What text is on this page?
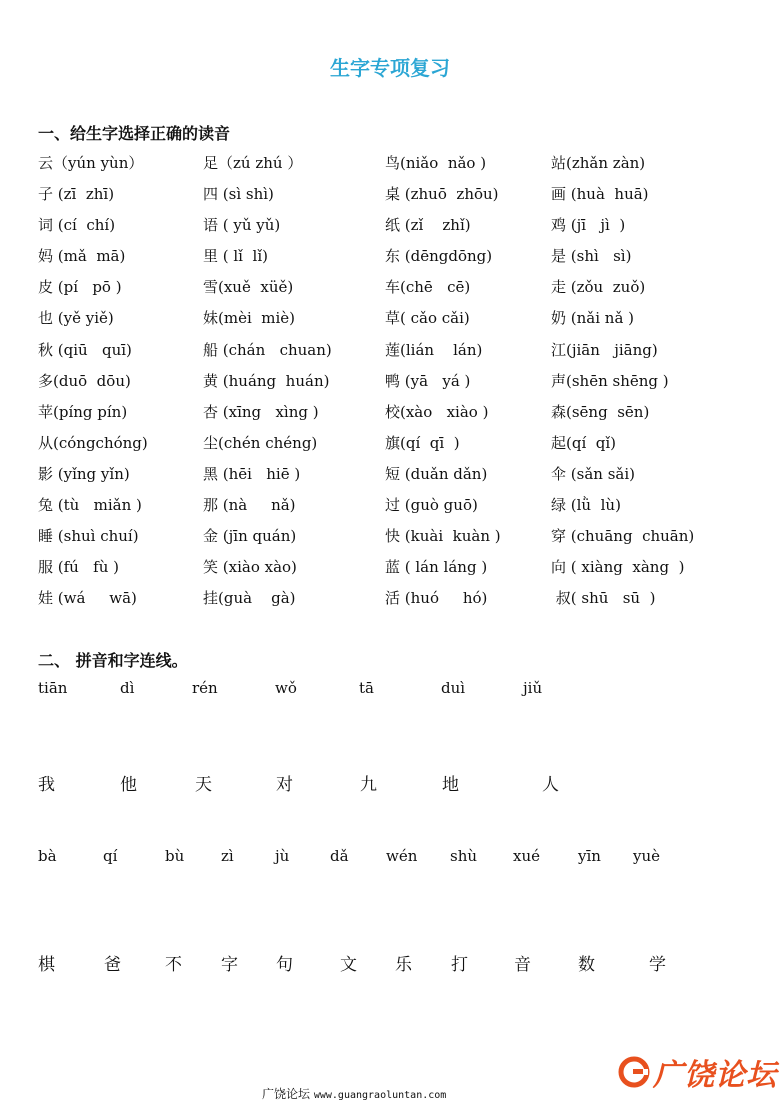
生字专项复习
一、给生字选择正确的读音
云（yún yùn）	足（zú zhú ）	鸟(niǎo  nǎo )	站(zhǎn zàn)
子 (zī  zhī)	四 (sì shì)	桌 (zhuō  zhōu)	画 (huà  huā)
词 (cí  chí)	语 ( yǔ yǔ)	纸 (zǐ    zhǐ)	鸡 (jī   jì  )
妈 (mǎ  mā)	里 ( lǐ  lǐ)	东 (dēngdōng)	是 (shì   sì)
皮 (pí   pō )	雪(xuě  xüě)	车(chē   cē)	走 (zǒu  zuǒ)
也 (yě yiě)	妹(mèi  miè)	草( cǎo cǎi)	奶 (nǎi nǎ )
秋 (qiū   quī)	船 (chán   chuan)	莲(lián    lán)	江(jiān   jiāng)
多(duō  dōu)	黄 (huáng  huán)	鸭 (yā   yá )	声(shēn shēng )
苹(píng pín)	杏 (xīng   xìng )	校(xào   xiào )	森(sēng  sēn)
从(cóngchóng)	尘(chén chéng)	旗(qí  qī  )	起(qí  qǐ)
影 (yǐng yǐn)	黑 (hēi   hiē )	短 (duǎn dǎn)	伞 (sǎn sǎi)
兔 (tù   miǎn )	那 (nà     nǎ)	过 (guò guō)	绿 (lǜ  lù)
睡 (shuì chuí)	金 (jīn quán)	快 (kuài  kuàn )	穿 (chuāng  chuān)
服 (fú   fù )	笑 (xiào xào)	蓝 ( lán láng )	向 ( xiàng  xàng  )
娃 (wá     wā)	挂(guà    gà)	活 (huó     hó)	叔( shū   sū  )
二、 拼音和字连线。
tiān	dì	rén	wǒ	tā	duì	jiǔ
我	他	天	对	九	地	人
bà	qí	bù zì	jù	dǎ wén shù xué	yīn yuè
棋	爸	不 字 句	文 乐 打	音	数	学
广饶论坛 www.guangraoluntan.com
广饶论坛
